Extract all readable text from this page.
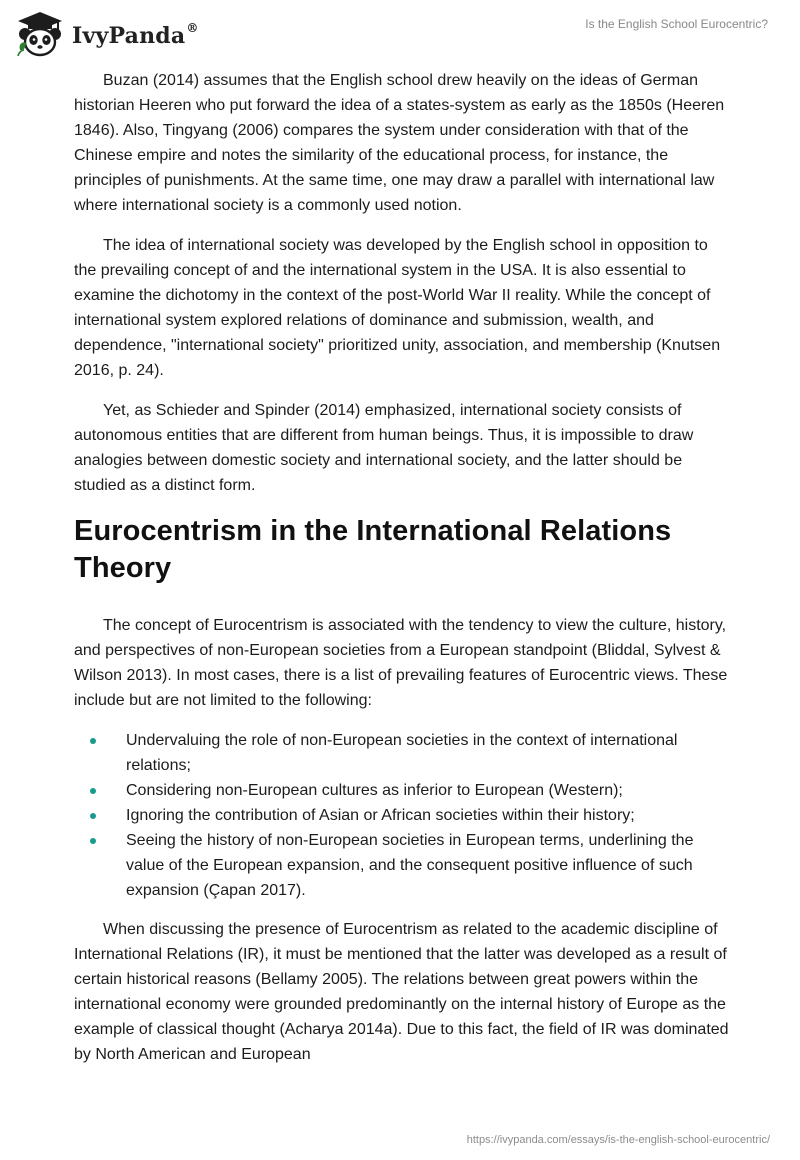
IvyPanda®	Is the English School Eurocentric?

Buzan (2014) assumes that the English school drew heavily on the ideas of German historian Heeren who put forward the idea of a states-system as early as the 1850s (Heeren 1846). Also, Tingyang (2006) compares the system under consideration with that of the Chinese empire and notes the similarity of the educational process, for instance, the principles of punishments. At the same time, one may draw a parallel with international law where international society is a commonly used notion.

The idea of international society was developed by the English school in opposition to the prevailing concept of and the international system in the USA. It is also essential to examine the dichotomy in the context of the post-World War II reality. While the concept of international system explored relations of dominance and submission, wealth, and dependence, "international society" prioritized unity, association, and membership (Knutsen 2016, p. 24).

Yet, as Schieder and Spinder (2014) emphasized, international society consists of autonomous entities that are different from human beings. Thus, it is impossible to draw analogies between domestic society and international society, and the latter should be studied as a distinct form.

Eurocentrism in the International Relations Theory

The concept of Eurocentrism is associated with the tendency to view the culture, history, and perspectives of non-European societies from a European standpoint (Bliddal, Sylvest & Wilson 2013). In most cases, there is a list of prevailing features of Eurocentric views. These include but are not limited to the following:

Undervaluing the role of non-European societies in the context of international relations;
Considering non-European cultures as inferior to European (Western);
Ignoring the contribution of Asian or African societies within their history;
Seeing the history of non-European societies in European terms, underlining the value of the European expansion, and the consequent positive influence of such expansion (Çapan 2017).

When discussing the presence of Eurocentrism as related to the academic discipline of International Relations (IR), it must be mentioned that the latter was developed as a result of certain historical reasons (Bellamy 2005). The relations between great powers within the international economy were grounded predominantly on the internal history of Europe as the example of classical thought (Acharya 2014a). Due to this fact, the field of IR was dominated by North American and European

https://ivypanda.com/essays/is-the-english-school-eurocentric/
